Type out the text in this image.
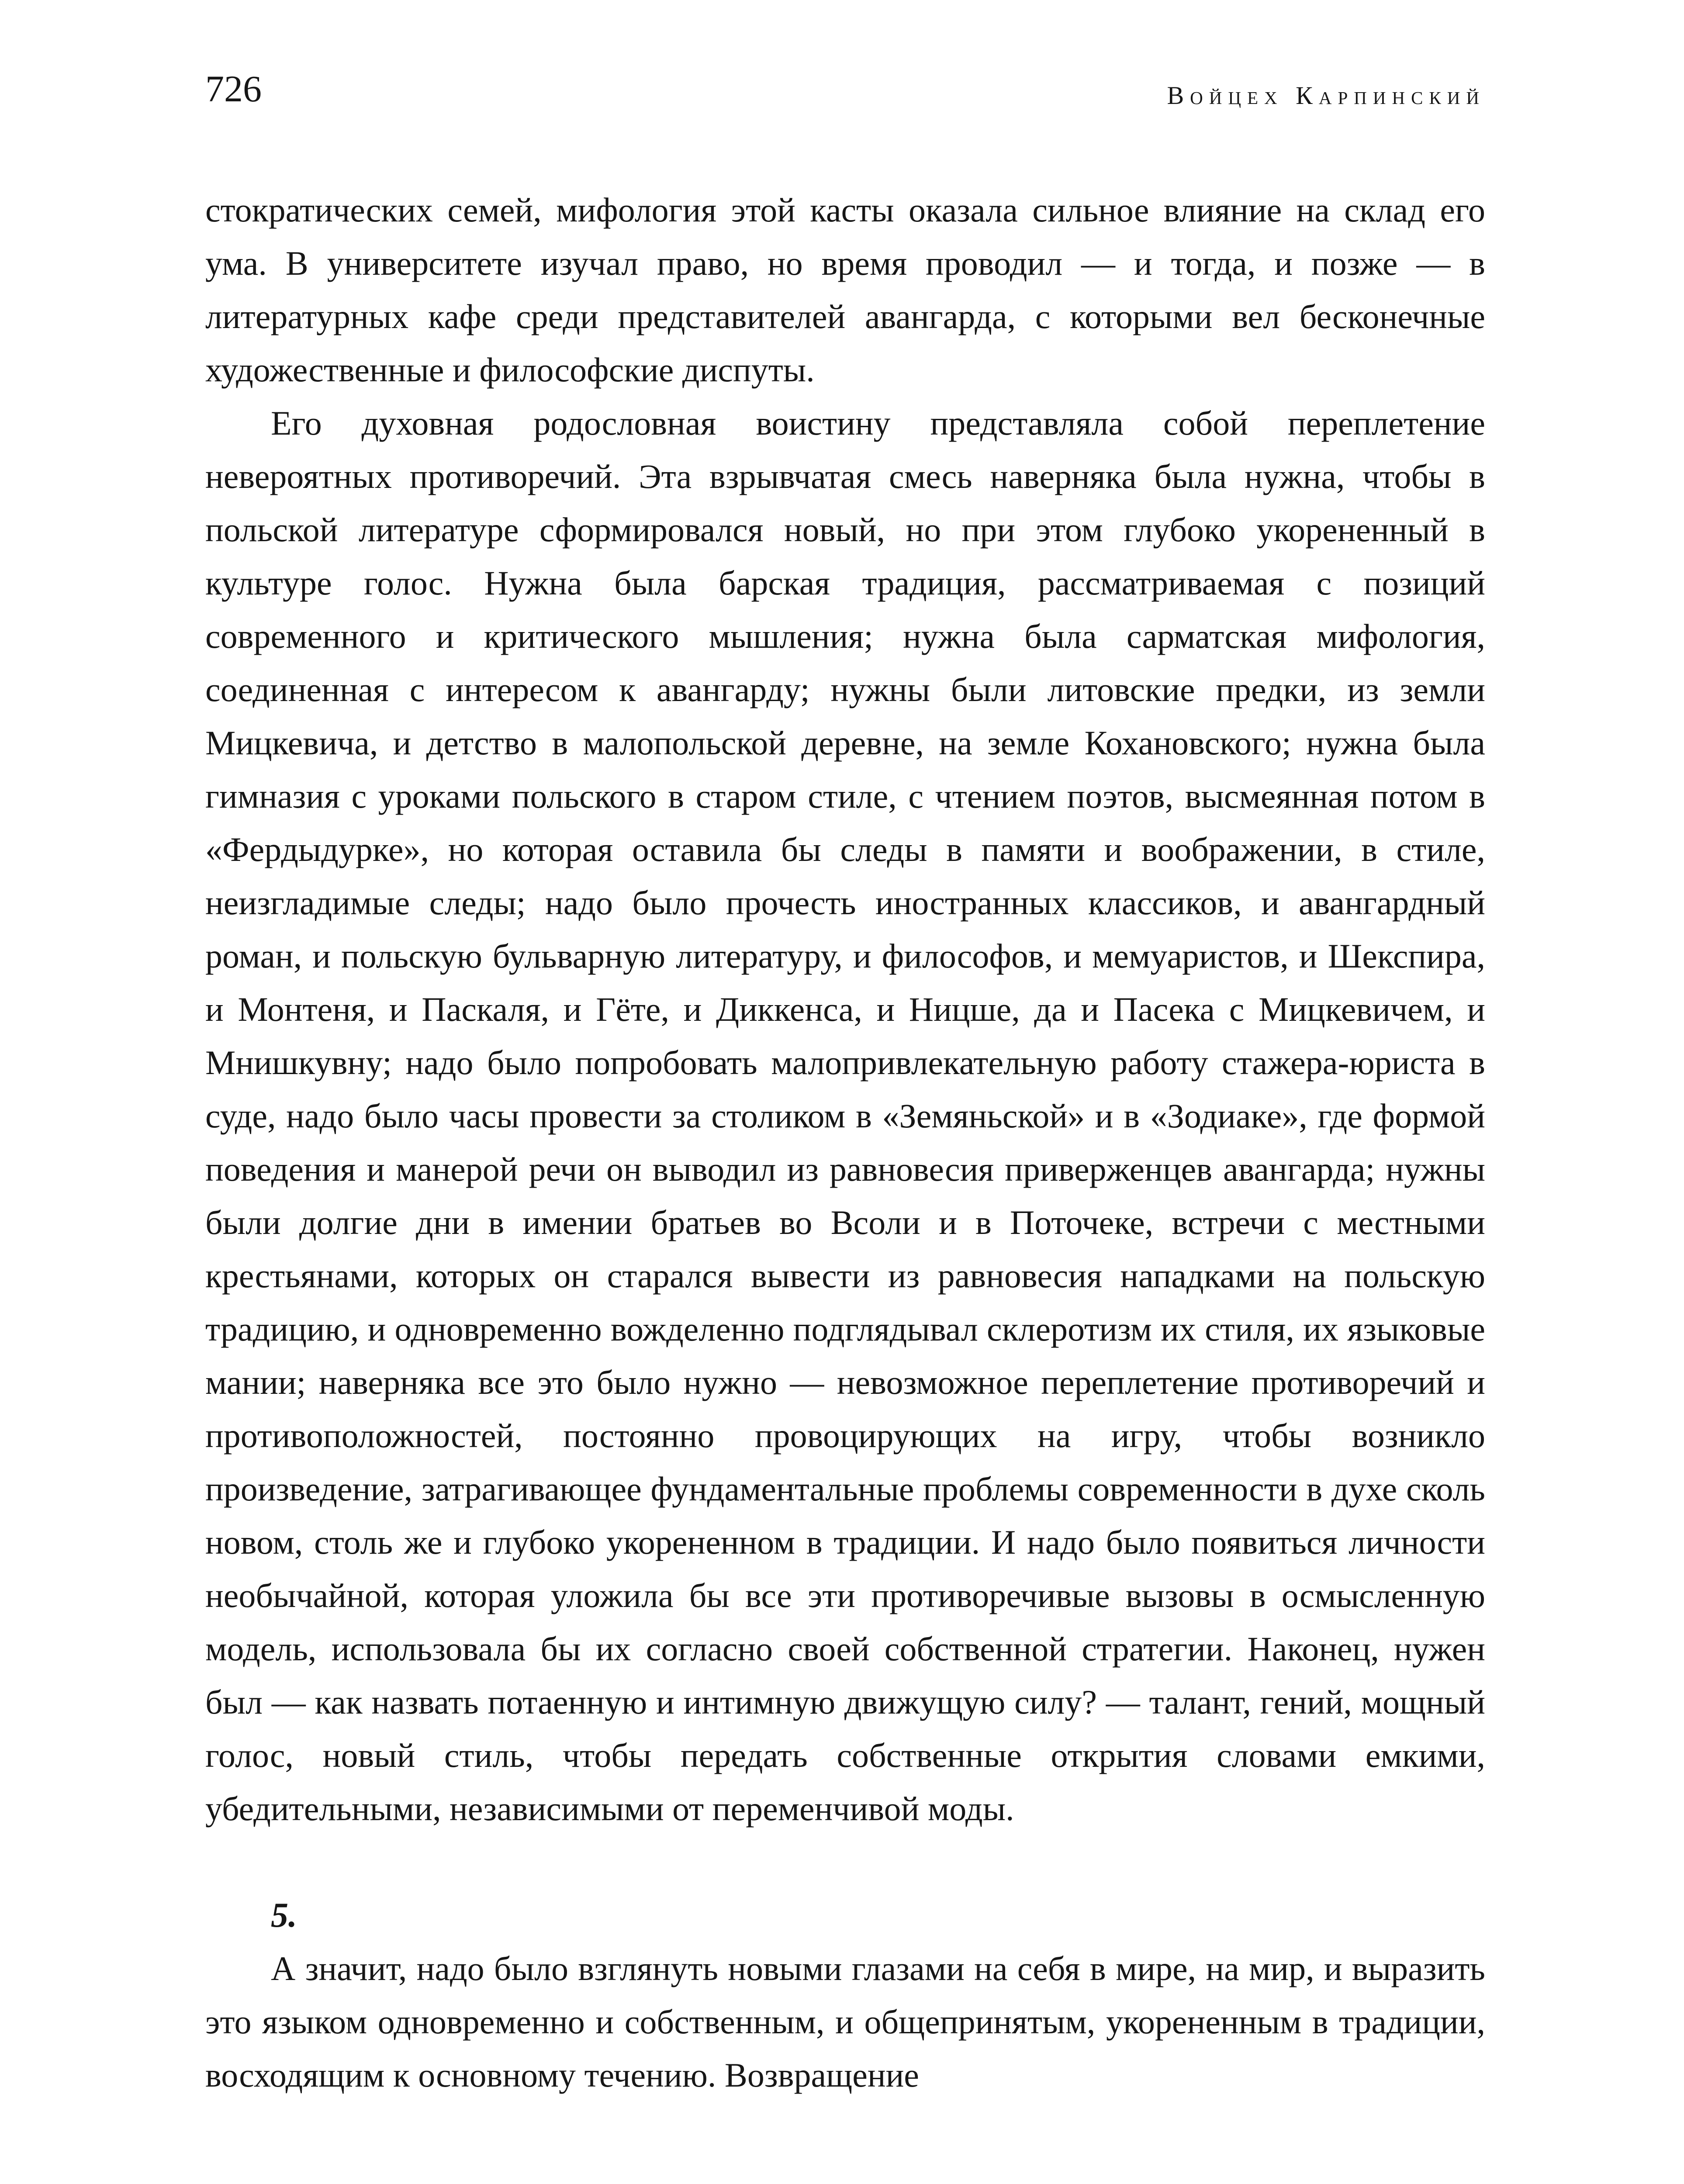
726	Войцех Карпинский

стократических семей, мифология этой касты оказала сильное влияние на склад его ума. В университете изучал право, но время проводил — и тогда, и позже — в литературных кафе среди представителей авангарда, с которыми вел бесконечные художественные и философские диспуты.

Его духовная родословная воистину представляла собой переплетение невероятных противоречий. Эта взрывчатая смесь наверняка была нужна, чтобы в польской литературе сформировался новый, но при этом глубоко укорененный в культуре голос. Нужна была барская традиция, рассматриваемая с позиций современного и критического мышления; нужна была сарматская мифология, соединенная с интересом к авангарду; нужны были литовские предки, из земли Мицкевича, и детство в малопольской деревне, на земле Кохановского; нужна была гимназия с уроками польского в старом стиле, с чтением поэтов, высмеянная потом в «Фердыдурке», но которая оставила бы следы в памяти и воображении, в стиле, неизгладимые следы; надо было прочесть иностранных классиков, и авангардный роман, и польскую бульварную литературу, и философов, и мемуаристов, и Шекспира, и Монтеня, и Паскаля, и Гёте, и Диккенса, и Ницше, да и Пасека с Мицкевичем, и Мнишкувну; надо было попробовать малопривлекательную работу стажера-юриста в суде, надо было часы провести за столиком в «Земяньской» и в «Зодиаке», где формой поведения и манерой речи он выводил из равновесия приверженцев авангарда; нужны были долгие дни в имении братьев во Всоли и в Поточеке, встречи с местными крестьянами, которых он старался вывести из равновесия нападками на польскую традицию, и одновременно вожделенно подглядывал склеротизм их стиля, их языковые мании; наверняка все это было нужно — невозможное переплетение противоречий и противоположностей, постоянно провоцирующих на игру, чтобы возникло произведение, затрагивающее фундаментальные проблемы современности в духе сколь новом, столь же и глубоко укорененном в традиции. И надо было появиться личности необычайной, которая уложила бы все эти противоречивые вызовы в осмысленную модель, использовала бы их согласно своей собственной стратегии. Наконец, нужен был — как назвать потаенную и интимную движущую силу? — талант, гений, мощный голос, новый стиль, чтобы передать собственные открытия словами емкими, убедительными, независимыми от переменчивой моды.

5.

А значит, надо было взглянуть новыми глазами на себя в мире, на мир, и выразить это языком одновременно и собственным, и общепринятым, укорененным в традиции, восходящим к основному течению. Возвращение
